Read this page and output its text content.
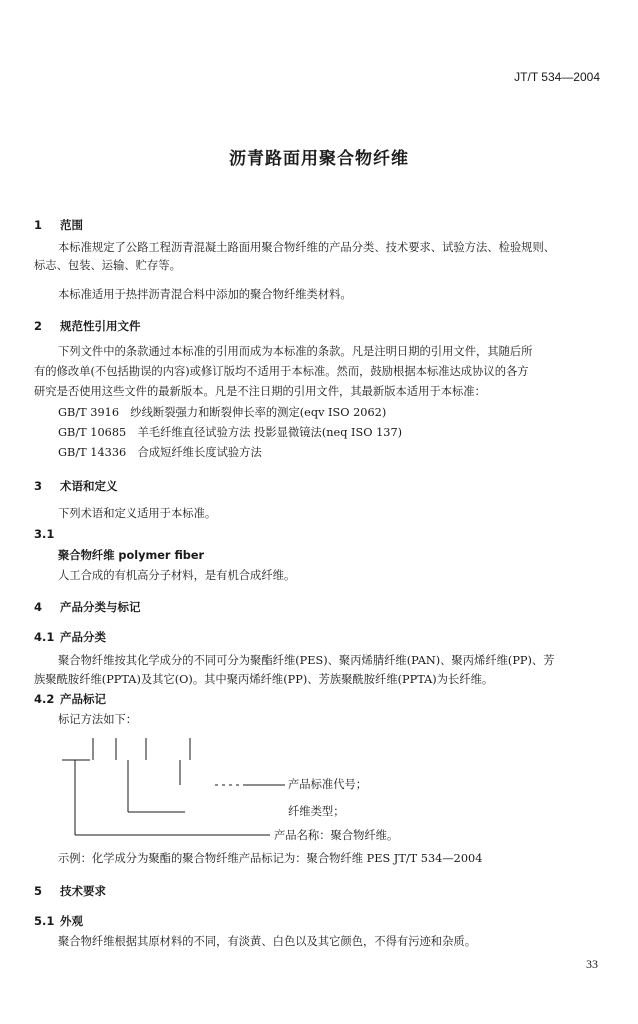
JT/T 534—2004
沥青路面用聚合物纤维
1 范围
本标准规定了公路工程沥青混凝土路面用聚合物纤维的产品分类、技术要求、试验方法、检验规则、
标志、包装、运输、贮存等。
本标准适用于热拌沥青混合料中添加的聚合物纤维类材料。
2 规范性引用文件
下列文件中的条款通过本标准的引用而成为本标准的条款。凡是注明日期的引用文件，其随后所
有的修改单(不包括勘误的内容)或修订版均不适用于本标准。然而，鼓励根据本标准达成协议的各方
研究是否使用这些文件的最新版本。凡是不注日期的引用文件，其最新版本适用于本标准：
GB/T 3916　纱线断裂强力和断裂伸长率的测定(eqv ISO 2062)
GB/T 10685　羊毛纤维直径试验方法 投影显微镜法(neq ISO 137)
GB/T 14336　合成短纤维长度试验方法
3 术语和定义
下列术语和定义适用于本标准。
3.1
聚合物纤维 polymer fiber
人工合成的有机高分子材料，是有机合成纤维。
4 产品分类与标记
4.1 产品分类
聚合物纤维按其化学成分的不同可分为聚酯纤维(PES)、聚丙烯腈纤维(PAN)、聚丙烯纤维(PP)、芳
族聚酰胺纤维(PPTA)及其它(O)。其中聚丙烯纤维(PP)、芳族聚酰胺纤维(PPTA)为长纤维。
4.2 产品标记
标记方法如下：
产品标准代号；
纤维类型；
产品名称：聚合物纤维。
示例：化学成分为聚酯的聚合物纤维产品标记为：聚合物纤维 PES JT/T 534—2004
5 技术要求
5.1 外观
聚合物纤维根据其原材料的不同，有淡黄、白色以及其它颜色，不得有污迹和杂质。
33
